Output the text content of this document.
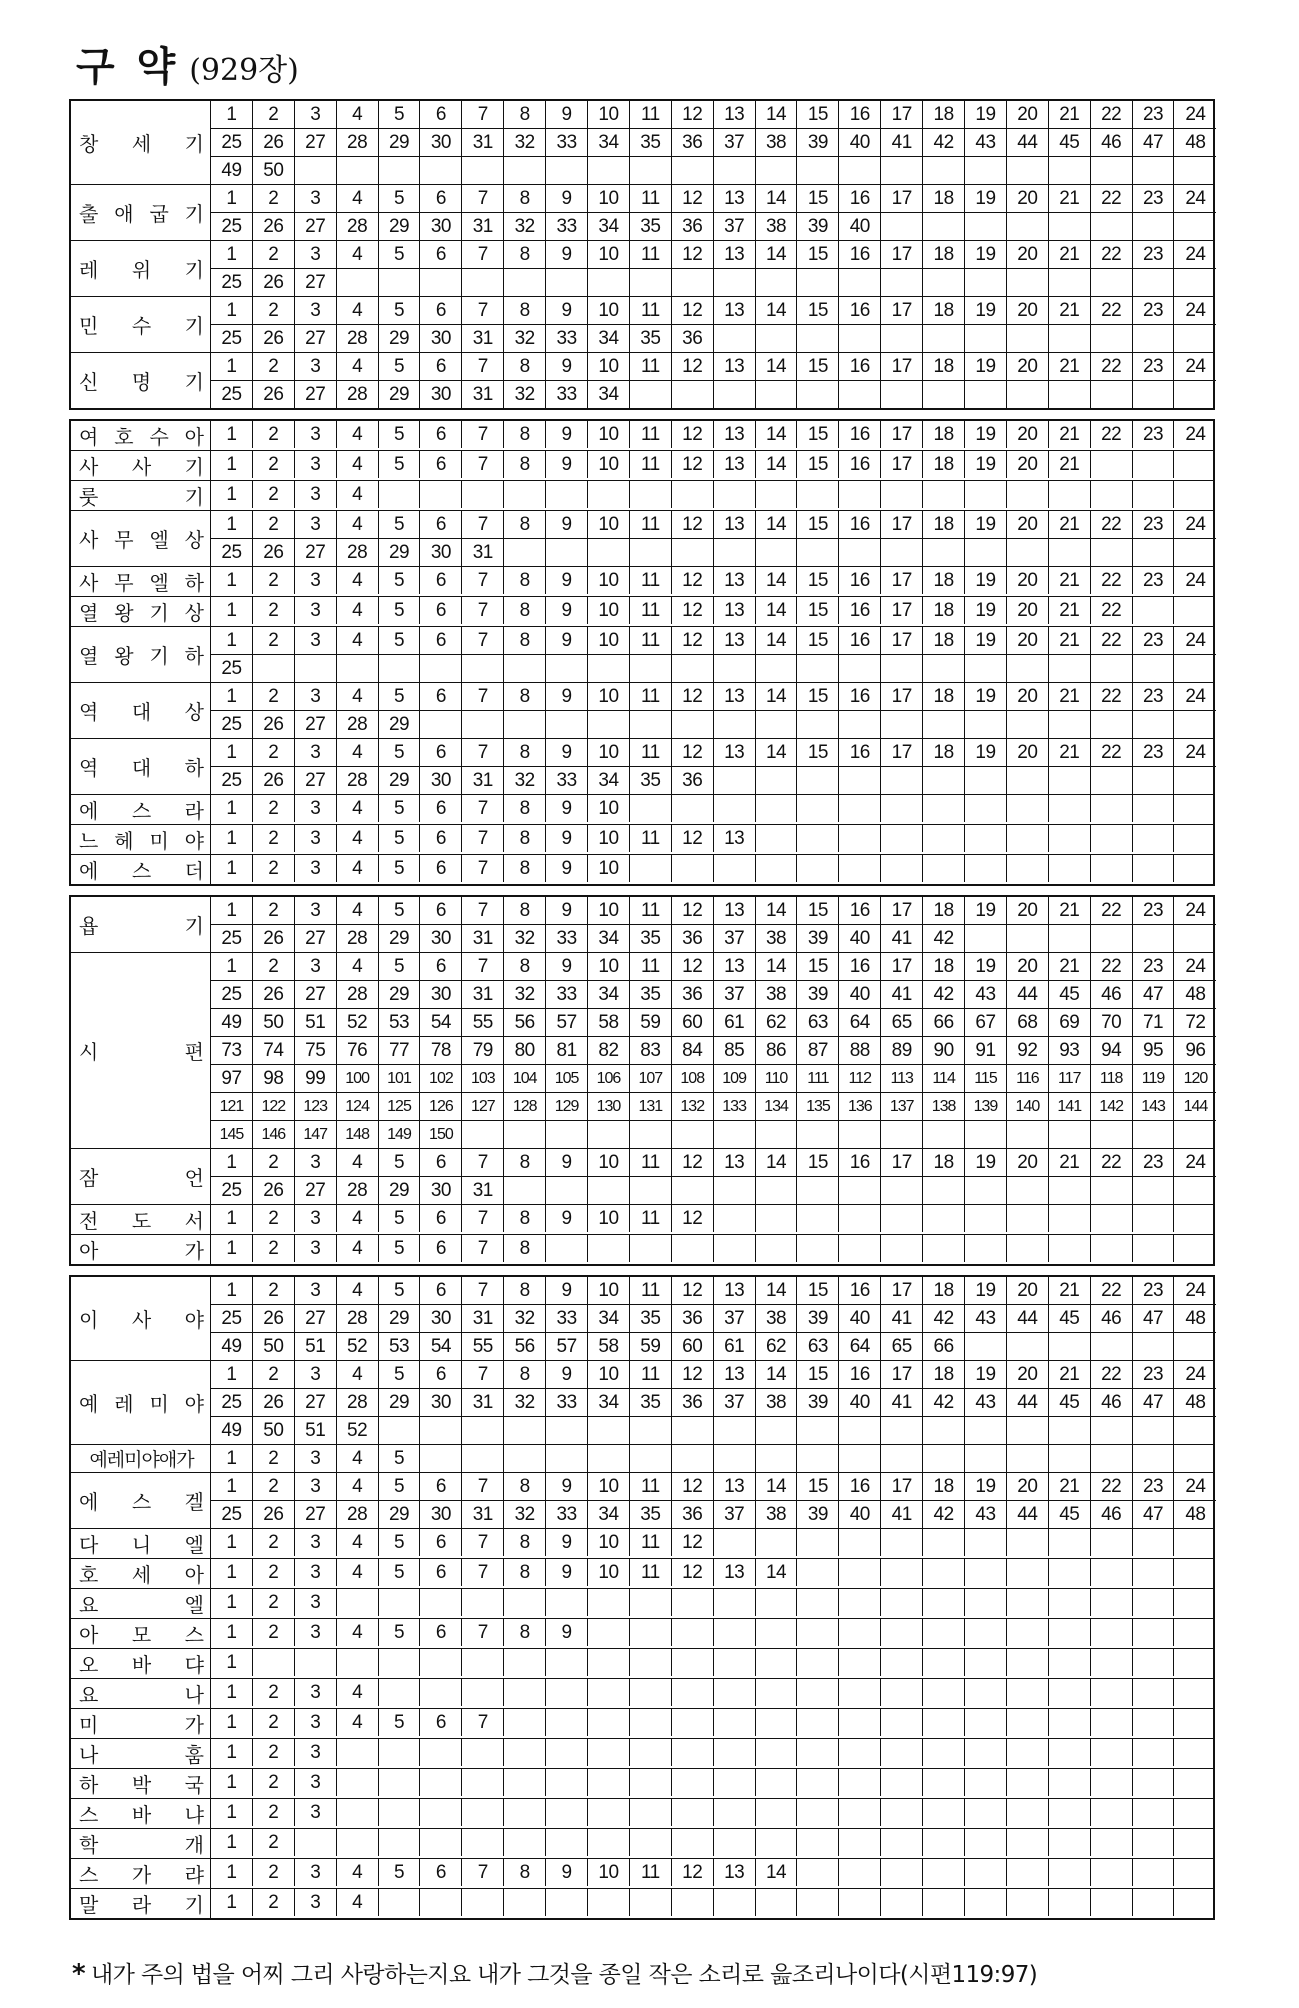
구 약 (929장)
창 세 기
1	2	3	4	5	6	7	8	9	10	11	12	13	14	15	16	17	18	19	20	21	22	23	24
25	26	27	28	29	30	31	32	33	34	35	36	37	38	39	40	41	42	43	44	45	46	47	48
49	50
출 애 굽 기
1	2	3	4	5	6	7	8	9	10	11	12	13	14	15	16	17	18	19	20	21	22	23	24
25	26	27	28	29	30	31	32	33	34	35	36	37	38	39	40
레 위 기
1	2	3	4	5	6	7	8	9	10	11	12	13	14	15	16	17	18	19	20	21	22	23	24
25	26	27
민 수 기
1	2	3	4	5	6	7	8	9	10	11	12	13	14	15	16	17	18	19	20	21	22	23	24
25	26	27	28	29	30	31	32	33	34	35	36
신 명 기
1	2	3	4	5	6	7	8	9	10	11	12	13	14	15	16	17	18	19	20	21	22	23	24
25	26	27	28	29	30	31	32	33	34
여 호 수 아	1	2	3	4	5	6	7	8	9	10	11	12	13	14	15	16	17	18	19	20	21	22	23	24
사 사 기	1	2	3	4	5	6	7	8	9	10	11	12	13	14	15	16	17	18	19	20	21
룻	기	1	2	3	4
사 무 엘 상
1	2	3	4	5	6	7	8	9	10	11	12	13	14	15	16	17	18	19	20	21	22	23	24
25	26	27	28	29	30	31
사 무 엘 하	1	2	3	4	5	6	7	8	9	10	11	12	13	14	15	16	17	18	19	20	21	22	23	24
열 왕 기 상	1	2	3	4	5	6	7	8	9	10	11	12	13	14	15	16	17	18	19	20	21	22
열 왕 기 하
1	2	3	4	5	6	7	8	9	10	11	12	13	14	15	16	17	18	19	20	21	22	23	24
25
역 대 상
1	2	3	4	5	6	7	8	9	10	11	12	13	14	15	16	17	18	19	20	21	22	23	24
25	26	27	28	29
역 대 하
1	2	3	4	5	6	7	8	9	10	11	12	13	14	15	16	17	18	19	20	21	22	23	24
25	26	27	28	29	30	31	32	33	34	35	36
에 스 라	1	2	3	4	5	6	7	8	9	10
느 헤 미 야	1	2	3	4	5	6	7	8	9	10	11	12	13
에 스 더	1	2	3	4	5	6	7	8	9	10
욥	기
1	2	3	4	5	6	7	8	9	10	11	12	13	14	15	16	17	18	19	20	21	22	23	24
25	26	27	28	29	30	31	32	33	34	35	36	37	38	39	40	41	42
시	편
1	2	3	4	5	6	7	8	9	10	11	12	13	14	15	16	17	18	19	20	21	22	23	24
25	26	27	28	29	30	31	32	33	34	35	36	37	38	39	40	41	42	43	44	45	46	47	48
49	50	51	52	53	54	55	56	57	58	59	60	61	62	63	64	65	66	67	68	69	70	71	72
73	74	75	76	77	78	79	80	81	82	83	84	85	86	87	88	89	90	91	92	93	94	95	96
97	98	99	100	101	102	103	104	105	106	107	108	109	110	111	112	113	114	115	116	117	118	119	120
121	122	123	124	125	126	127	128	129	130	131	132	133	134	135	136	137	138	139	140	141	142	143	144
145	146	147	148	149	150
잠	언
1	2	3	4	5	6	7	8	9	10	11	12	13	14	15	16	17	18	19	20	21	22	23	24
25	26	27	28	29	30	31
전 도 서	1	2	3	4	5	6	7	8	9	10	11	12
아	가	1	2	3	4	5	6	7	8
이 사 야
1	2	3	4	5	6	7	8	9	10	11	12	13	14	15	16	17	18	19	20	21	22	23	24
25	26	27	28	29	30	31	32	33	34	35	36	37	38	39	40	41	42	43	44	45	46	47	48
49	50	51	52	53	54	55	56	57	58	59	60	61	62	63	64	65	66
예 레 미 야
1	2	3	4	5	6	7	8	9	10	11	12	13	14	15	16	17	18	19	20	21	22	23	24
25	26	27	28	29	30	31	32	33	34	35	36	37	38	39	40	41	42	43	44	45	46	47	48
49	50	51	52
예레미야애가	1	2	3	4	5
에 스 겔
1	2	3	4	5	6	7	8	9	10	11	12	13	14	15	16	17	18	19	20	21	22	23	24
25	26	27	28	29	30	31	32	33	34	35	36	37	38	39	40	41	42	43	44	45	46	47	48
다 니 엘	1	2	3	4	5	6	7	8	9	10	11	12
호 세 아	1	2	3	4	5	6	7	8	9	10	11	12	13	14
요	엘	1	2	3
아 모 스	1	2	3	4	5	6	7	8	9
오 바 댜	1
요	나	1	2	3	4
미	가	1	2	3	4	5	6	7
나	훔	1	2	3
하 박 국	1	2	3
스 바 냐	1	2	3
학	개	1	2
스 가 랴	1	2	3	4	5	6	7	8	9	10	11	12	13	14
말 라 기	1	2	3	4
* 내가 주의 법을 어찌 그리 사랑하는지요 내가 그것을 종일 작은 소리로 읊조리나이다(시편119:97)
